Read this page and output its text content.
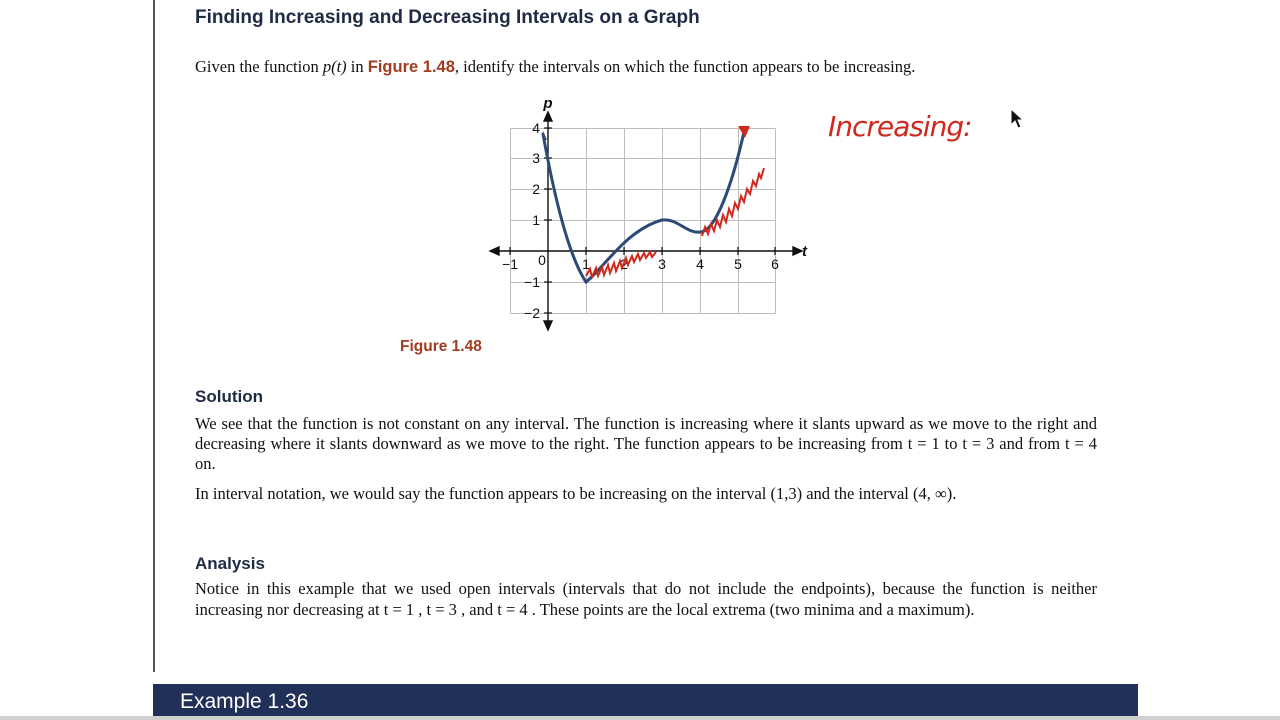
Finding Increasing and Decreasing Intervals on a Graph
Given the function p(t) in Figure 1.48, identify the intervals on which the function appears to be increasing.
−1 0	1 2 3 4 5 6
4
3
2
1
−1
−2
p
t
Figure 1.48
Increasing:
Solution
We see that the function is not constant on any interval. The function is increasing where it slants upward as we move to the right and decreasing where it slants downward as we move to the right. The function appears to be increasing from t = 1 to t = 3 and from t = 4 on.
In interval notation, we would say the function appears to be increasing on the interval (1,3) and the interval (4, ∞).
Analysis
Notice in this example that we used open intervals (intervals that do not include the endpoints), because the function is neither increasing nor decreasing at t = 1 , t = 3 , and t = 4 . These points are the local extrema (two minima and a maximum).
Example 1.36
